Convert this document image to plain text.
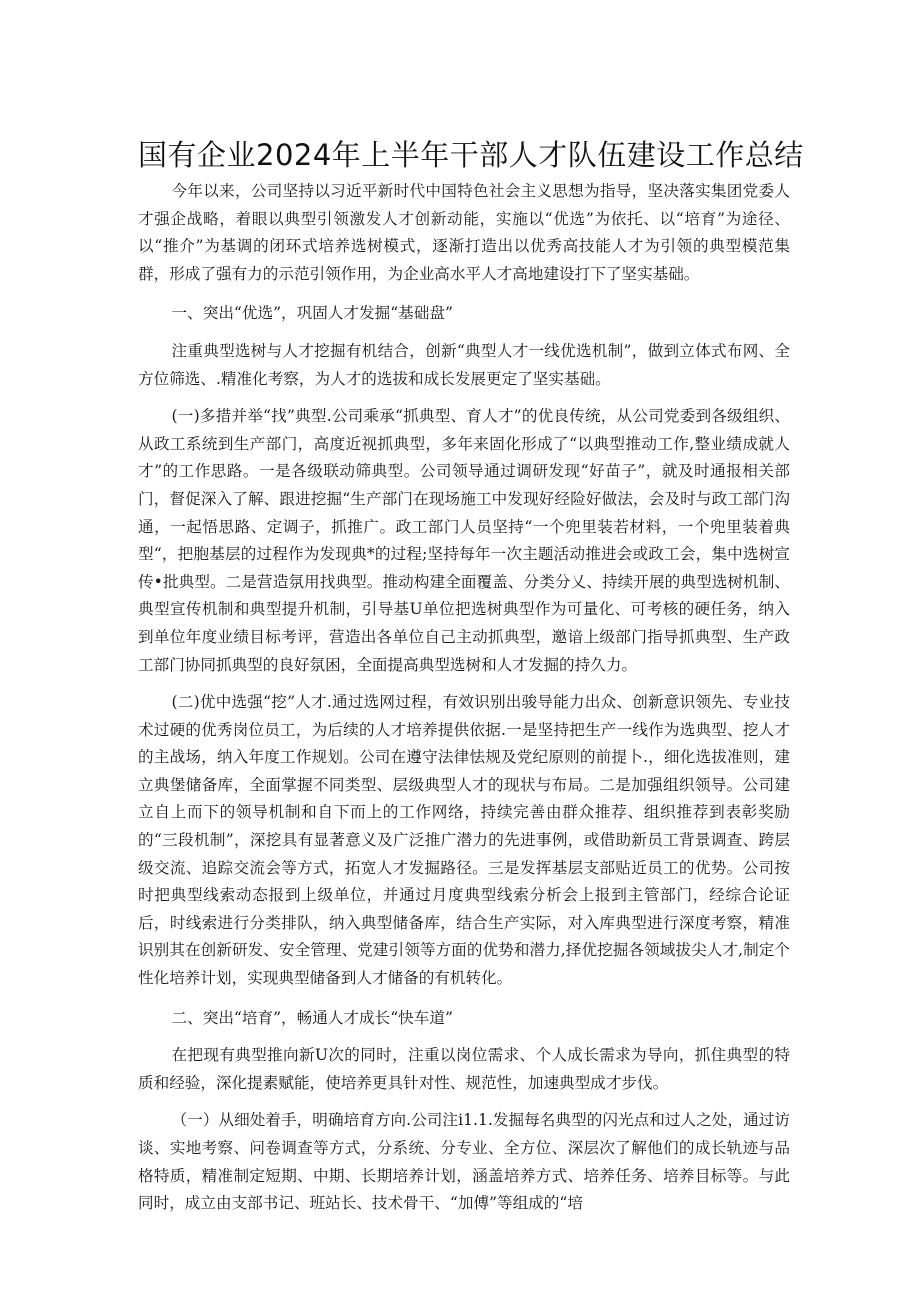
国有企业2024年上半年干部人才队伍建设工作总结

今年以来，公司坚持以习近平新时代中国特色社会主义思想为指导，坚决落实集团党委人才强企战略，着眼以典型引领激发人才创新动能，实施以“优选”为依托、以“培育”为途径、以“推介”为基调的闭环式培养选树模式，逐渐打造出以优秀高技能人才为引领的典型模范集群，形成了强有力的示范引领作用，为企业高水平人才高地建设打下了坚实基础。

一、突出“优选”，巩固人才发掘“基础盘”

注重典型选树与人才挖掘有机结合，创新“典型人才一线优选机制”，做到立体式布网、全方位筛选、.精准化考察，为人才的选拔和成长发展更定了坚实基础。

(一)多措并举“找”典型.公司乘承“抓典型、育人才”的优良传统，从公司党委到各级组织、从政工系统到生产部门，高度近视抓典型，多年来固化形成了“以典型推动工作,整业绩成就人才”的工作思路。一是各级联动筛典型。公司领导通过调研发现“好苗子”，就及时通报相关部门，督促深入了解、跟进挖掘“生产部门在现场施工中发现好经险好做法，会及时与政工部门沟通，一起悟思路、定调子，抓推广。政工部门人员坚持“一个兜里装若材料，一个兜里装着典型“，把胞基层的过程作为发现典*的过程;坚持每年一次主题活动推进会或政工会，集中选树宣传•批典型。二是营造氛用找典型。推动构建全面覆盖、分类分乂、持续开展的典型选树机制、典型宣传机制和典型提升机制，引导基U单位把选树典型作为可量化、可考核的硬任务，纳入到单位年度业绩目标考评，营造出各单位自己主动抓典型，邀谙上级部门指导抓典型、生产政工部门协同抓典型的良好氛困，全面提高典型选树和人才发掘的持久力。

(二)优中选强“挖”人才.通过选网过程，有效识别出骏导能力出众、创新意识领先、专业技术过硬的优秀岗位员工，为后续的人才培养提供依据.一是坚持把生产一线作为选典型、挖人才的主战场，纳入年度工作规划。公司在遵守法律怯规及党纪原则的前提卜.，细化选拔准则，建立典堡储备库，全面掌握不同类型、层级典型人才的现状与布局。二是加强组织领导。公司建立自上而下的领导机制和自下而上的工作网络，持续完善由群众推荐、组织推荐到表彰奖励的“三段机制”，深挖具有显著意义及广泛推广潜力的先进事例，或借助新员工背景调查、跨层级交流、追踪交流会等方式，拓宽人才发掘路径。三是发挥基层支部贴近员工的优势。公司按时把典型线索动态报到上级单位，并通过月度典型线索分析会上报到主管部门，经综合论证后，时线索进行分类排队，纳入典型储备库，结合生产实际，对入库典型进行深度考察，精准识别其在创新研发、安全管理、党建引领等方面的优势和潜力,择优挖掘各领域拔尖人才,制定个性化培养计划，实现典型储备到人才储备的有机转化。

二、突出“培育”，畅通人才成长“快车道”

在把现有典型推向新U次的同时，注重以岗位需求、个人成长需求为导向，抓住典型的特质和经验，深化提素赋能，使培养更具针对性、规范性，加速典型成才步伐。

（一）从细处着手，明确培育方向.公司注i1.1.发掘每名典型的闪光点和过人之处，通过访谈、实地考察、问卷调查等方式，分系统、分专业、全方位、深层次了解他们的成长轨迹与品格特质，精准制定短期、中期、长期培养计划，涵盖培养方式、培养任务、培养目标等。与此同时，成立由支部书记、班站长、技术骨干、“加傅”等组成的“培
